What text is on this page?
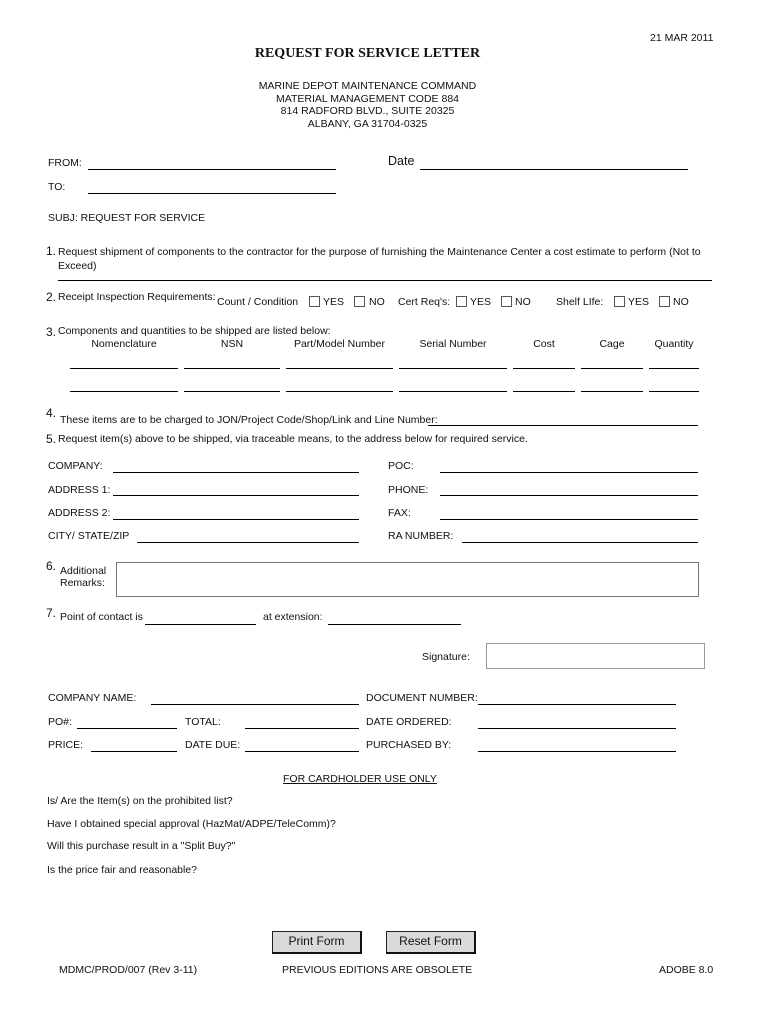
21 MAR 2011
REQUEST FOR SERVICE LETTER
MARINE DEPOT MAINTENANCE COMMAND
MATERIAL MANAGEMENT CODE 884
814 RADFORD BLVD., SUITE 20325
ALBANY, GA 31704-0325
FROM:	Date
TO:
SUBJ: REQUEST FOR SERVICE
1. Request shipment of components to the contractor for the purpose of furnishing the Maintenance Center a cost estimate to perform (Not to
Exceed)
2. Receipt Inspection Requirements: Count / Condition YES NO Cert Req's: YES NO Shelf LIfe: YES NO
3. Components and quantities to be shipped are listed below:
Nomenclature	NSN	Part/Model Number	Serial Number	Cost	Cage	Quantity
4. These items are to be charged to JON/Project Code/Shop/Link and Line Number:
5. Request item(s) above to be shipped, via traceable means, to the address below for required service.
COMPANY:	POC:
ADDRESS 1:	PHONE:
ADDRESS 2:	FAX:
CITY/ STATE/ZIP	RA NUMBER:
6. Additional
Remarks:
7. Point of contact is	at extension:
Signature:
COMPANY NAME:	DOCUMENT NUMBER:
PO#:	TOTAL:	DATE ORDERED:
PRICE:	DATE DUE:	PURCHASED BY:
FOR CARDHOLDER USE ONLY
Is/ Are the Item(s) on the prohibited list?
Have I obtained special approval (HazMat/ADPE/TeleComm)?
Will this purchase result in a "Split Buy?"
Is the price fair and reasonable?
Print Form	Reset Form
MDMC/PROD/007 (Rev 3-11)	PREVIOUS EDITIONS ARE OBSOLETE	ADOBE 8.0
